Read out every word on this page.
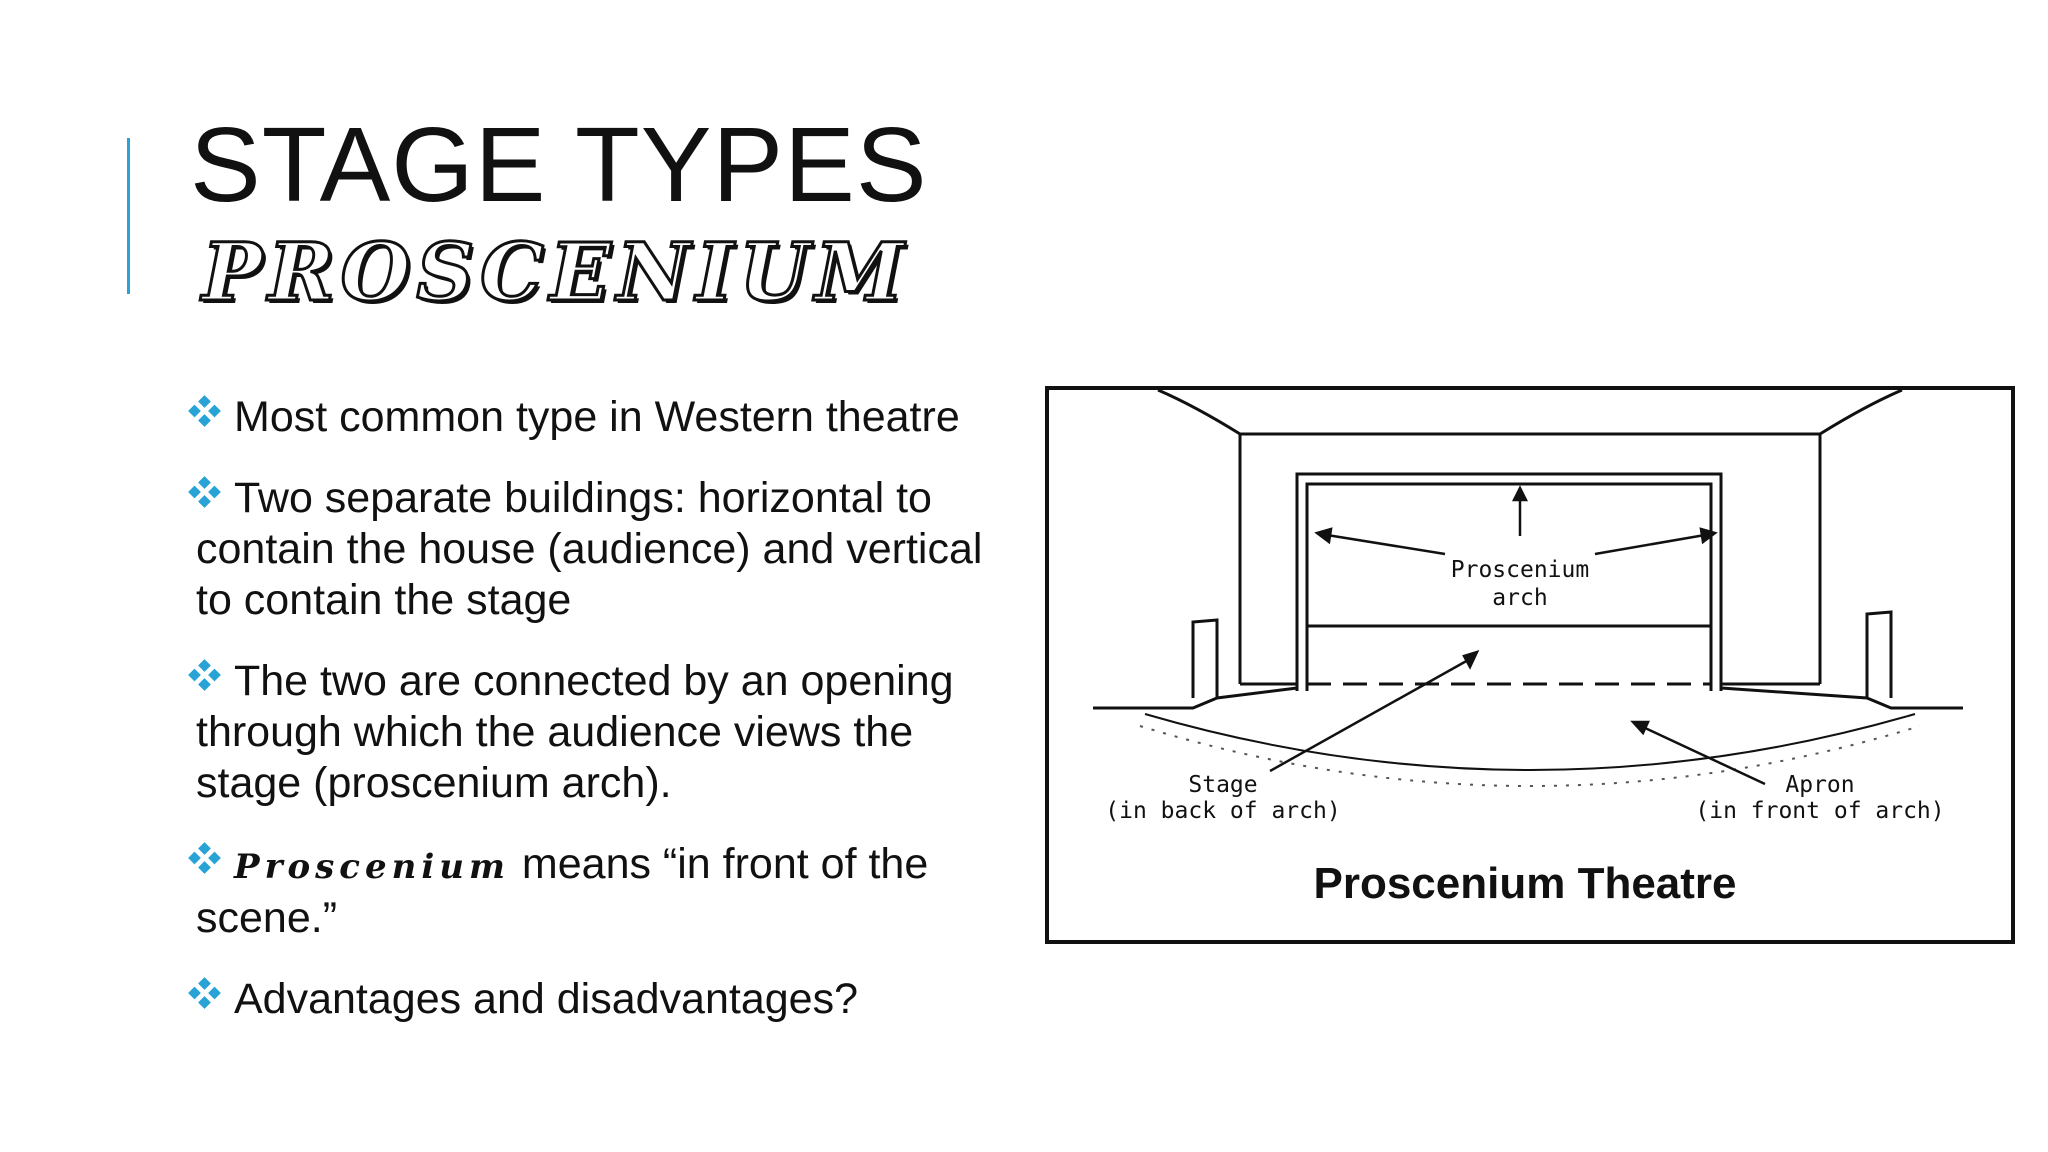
STAGE TYPES
PROSCENIUM
Most common type in Western theatre
Two separate buildings: horizontal to contain the house (audience) and vertical to contain the stage
The two are connected by an opening through which the audience views the stage (proscenium arch).
Proscenium means “in front of the scene.”
Advantages and disadvantages?
Proscenium
arch
Stage
(in back of arch)
Apron
(in front of arch)
Proscenium Theatre
